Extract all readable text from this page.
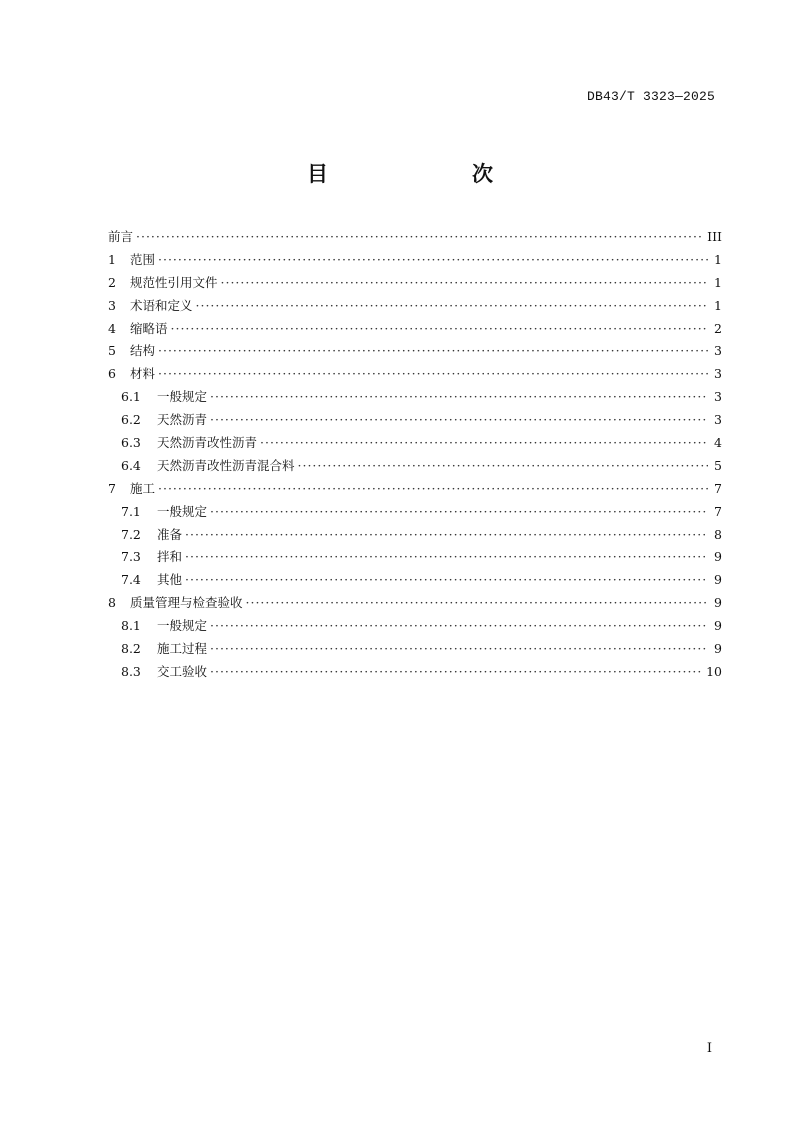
DB43/T 3323—2025
目　　次
前言 ·····	III
1 范围 ·····	1
2 规范性引用文件 ·····	1
3 术语和定义 ·····	1
4 缩略语 ·····	2
5 结构 ·····	3
6 材料 ·····	3
6.1 一般规定 ·····	3
6.2 天然沥青 ·····	3
6.3 天然沥青改性沥青 ·····	4
6.4 天然沥青改性沥青混合料 ·····	5
7 施工 ·····	7
7.1 一般规定 ·····	7
7.2 准备 ·····	8
7.3 拌和 ·····	9
7.4 其他 ·····	9
8 质量管理与检查验收 ·····	9
8.1 一般规定 ·····	9
8.2 施工过程 ·····	9
8.3 交工验收 ·····	10
I
